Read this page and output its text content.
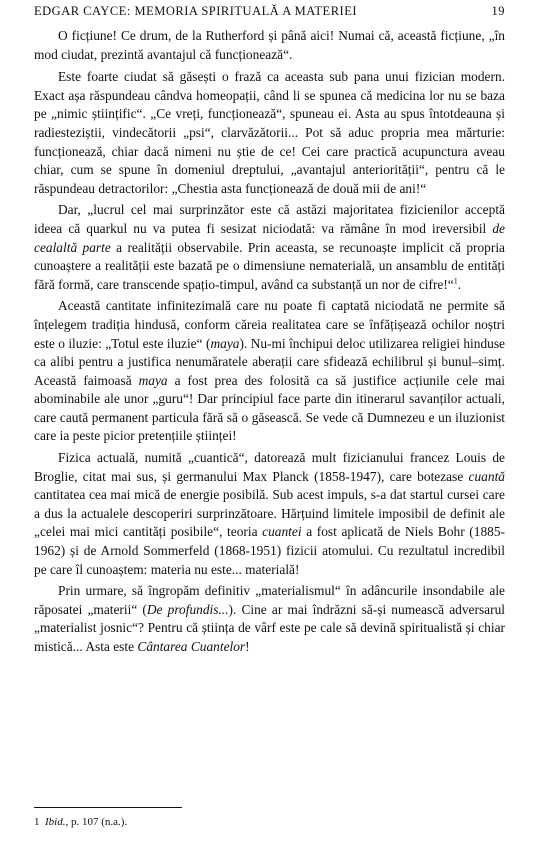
EDGAR CAYCE: MEMORIA SPIRITUALĂ A MATERIEI	19

O ficțiune! Ce drum, de la Rutherford și până aici! Numai că, această ficțiune, „în mod ciudat, prezintă avantajul că funcționează“.

Este foarte ciudat să găsești o frază ca aceasta sub pana unui fizician modern. Exact așa răspundeau cândva homeopații, când li se spunea că medicina lor nu se baza pe „nimic științific“. „Ce vreți, funcționează“, spuneau ei. Asta au spus întotdeauna și radiesteziștii, vindecătorii „psi“, clarvăzătorii... Pot să aduc propria mea mărturie: funcționează, chiar dacă nimeni nu știe de ce! Cei care practică acupunctura aveau chiar, cum se spune în domeniul dreptului, „avantajul anteriorității“, pentru că le răspundeau detractorilor: „Chestia asta funcționează de două mii de ani!“

Dar, „lucrul cel mai surprinzător este că astăzi majoritatea fizicienilor acceptă ideea că quarkul nu va putea fi sesizat niciodată: va rămâne în mod ireversibil de cealaltă parte a realității observabile. Prin aceasta, se recunoaște implicit că propria cunoaștere a realității este bazată pe o dimensiune nematerială, un ansamblu de entități fără formă, care transcende spațio-timpul, având ca substanță un nor de cifre!“$^1$.

Această cantitate infinitezimală care nu poate fi captată niciodată ne permite să înțelegem tradiția hindusă, conform căreia realitatea care se înfățișează ochilor noștri este o iluzie: „Totul este iluzie“ (maya). Nu-mi închipui deloc utilizarea religiei hinduse ca alibi pentru a justifica nenumăratele aberații care sfidează echilibrul și bunul–simț. Această faimoasă maya a fost prea des folosită ca să justifice acțiunile cele mai abominabile ale unor „guru“! Dar principiul face parte din itinerarul savanților actuali, care caută permanent particula fără să o găsească. Se vede că Dumnezeu e un iluzionist care ia peste picior pretențiile științei!

Fizica actuală, numită „cuantică“, datorează mult fizicianului francez Louis de Broglie, citat mai sus, și germanului Max Planck (1858-1947), care botezase cuantă cantitatea cea mai mică de energie posibilă. Sub acest impuls, s-a dat startul cursei care a dus la actualele descoperiri surprinzătoare. Hărțuind limitele imposibil de definit ale „celei mai mici cantități posibile“, teoria cuantei a fost aplicată de Niels Bohr (1885-1962) și de Arnold Sommerfeld (1868-1951) fizicii atomului. Cu rezultatul incredibil pe care îl cunoaștem: materia nu este... materială!

Prin urmare, să îngropăm definitiv „materialismul“ în adâncurile insondabile ale răposatei „materii“ (De profundis...). Cine ar mai îndrăzni să-și numească adversarul „materialist josnic“? Pentru că știința de vârf este pe cale să devină spiritualistă și chiar mistică... Asta este Cântarea Cuantelor!

1 Ibid., p. 107 (n.a.).
